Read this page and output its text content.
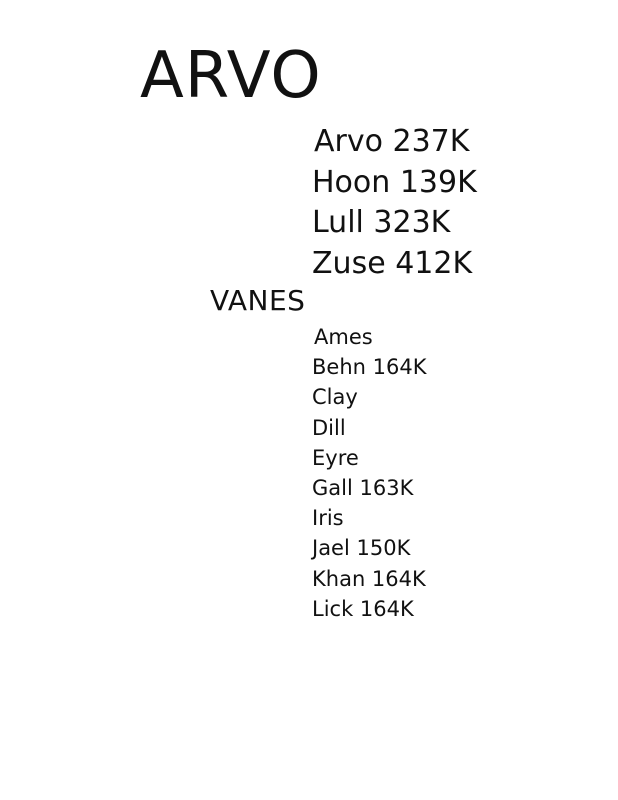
ARVO
Arvo 237K
Hoon 139K
Lull 323K
Zuse 412K
VANES
Ames
Behn 164K
Clay
Dill
Eyre
Gall 163K
Iris
Jael 150K
Khan 164K
Lick 164K
